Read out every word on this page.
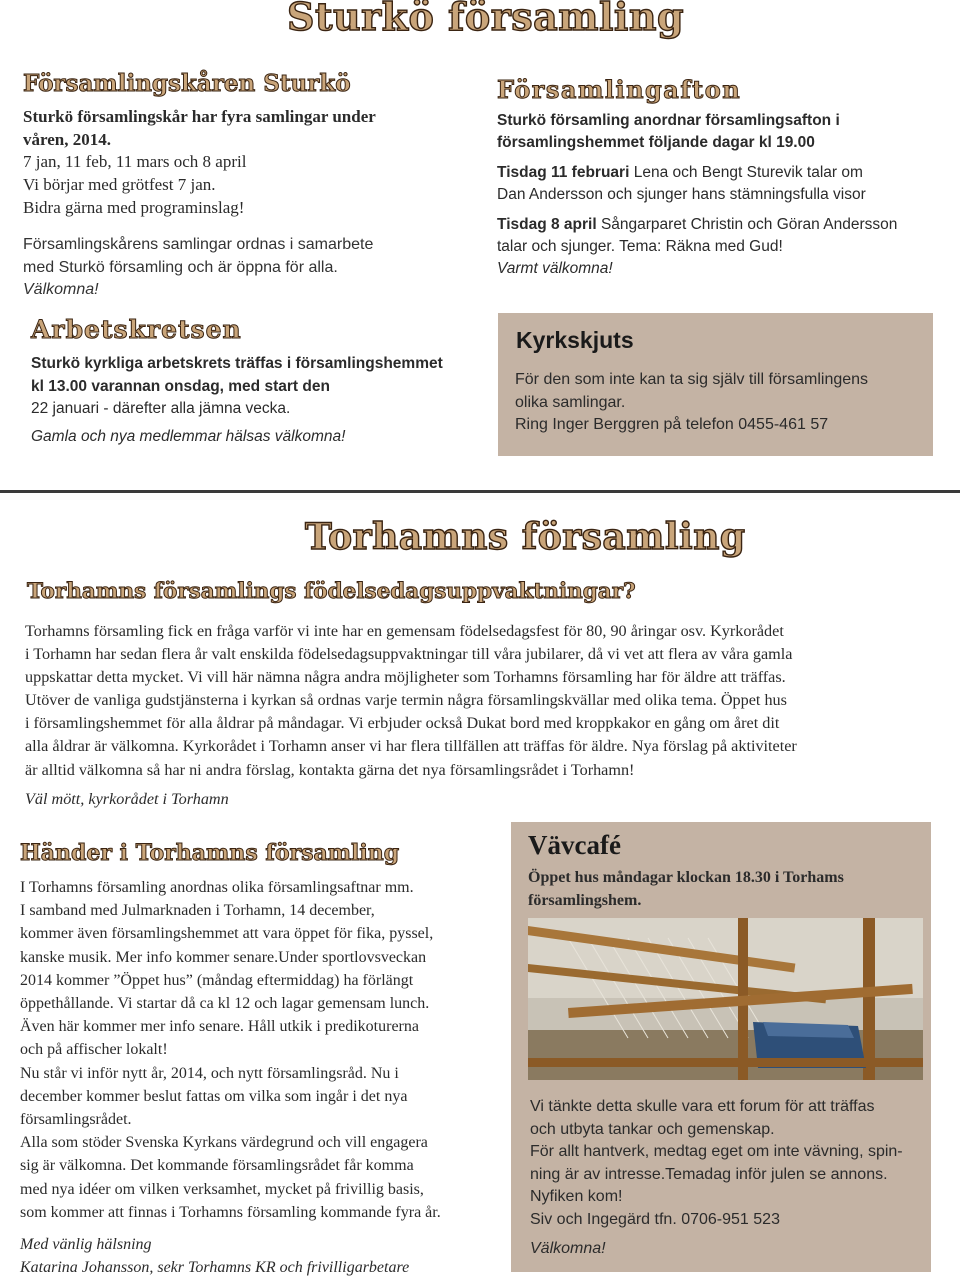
Sturkö församling
Församlingskåren Sturkö

Sturkö församlingskår har fyra samlingar under

våren, 2014.

7 jan, 11 feb, 11 mars och 8 april

Vi börjar med grötfest 7 jan.

Bidra gärna med programinslag!

Församlingskårens samlingar ordnas i samarbete

med Sturkö församling och är öppna för alla.

Välkomna!

Arbetskretsen

Sturkö kyrkliga arbetskrets träffas i församlingshemmet

kl 13.00 varannan onsdag, med start den

22 januari - därefter alla jämna vecka.

Gamla och nya medlemmar hälsas välkomna!

Församlingafton

Sturkö församling anordnar församlingsafton i

församlingshemmet följande dagar kl 19.00

Tisdag 11 februari Lena och Bengt Sturevik talar om

Dan Andersson och sjunger hans stämningsfulla visor

Tisdag 8 april Sångarparet Christin och Göran Andersson

talar och sjunger. Tema: Räkna med Gud!

Varmt välkomna!

Kyrkskjuts

För den som inte kan ta sig själv till församlingens

olika samlingar.

Ring Inger Berggren på telefon 0455-461 57

Torhamns församling
Torhamns församlings födelsedagsuppvaktningar?

Torhamns församling fick en fråga varför vi inte har en gemensam födelsedagsfest för 80, 90 åringar osv. Kyrkorådet

i Torhamn har sedan flera år valt enskilda födelsedagsuppvaktningar till våra jubilarer, då vi vet att flera av våra gamla

uppskattar detta mycket. Vi vill här nämna några andra möjligheter som Torhamns församling har för äldre att träffas.

Utöver de vanliga gudstjänsterna i kyrkan så ordnas varje termin några församlingskvällar med olika tema. Öppet hus

i församlingshemmet för alla åldrar på måndagar. Vi erbjuder också Dukat bord med kroppkakor en gång om året dit

alla åldrar är välkomna. Kyrkorådet i Torhamn anser vi har flera tillfällen att träffas för äldre. Nya förslag på aktiviteter

är alltid välkomna så har ni andra förslag, kontakta gärna det nya församlingsrådet i Torhamn!

Väl mött, kyrkorådet i Torhamn

Händer i Torhamns församling

I Torhamns församling anordnas olika församlingsaftnar mm.

I samband med Julmarknaden i Torhamn, 14 december,

kommer även församlingshemmet att vara öppet för fika, pyssel,

kanske musik. Mer info kommer senare.Under sportlovsveckan

2014 kommer ”Öppet hus” (måndag eftermiddag) ha förlängt

öppethållande. Vi startar då ca kl 12 och lagar gemensam lunch.

Även här kommer mer info senare. Håll utkik i predikoturerna

och på affischer lokalt!

Nu står vi inför nytt år, 2014, och nytt församlingsråd. Nu i

december kommer beslut fattas om vilka som ingår i det nya

församlingsrådet.

Alla som stöder Svenska Kyrkans värdegrund och vill engagera

sig är välkomna. Det kommande församlingsrådet får komma

med nya idéer om vilken verksamhet, mycket på frivillig basis,

som kommer att finnas i Torhamns församling kommande fyra år.

Med vänlig hälsning

Katarina Johansson, sekr Torhamns KR och frivilligarbetare

Vävcafé

Öppet hus måndagar klockan 18.30 i Torhams

församlingshem.

Vi tänkte detta skulle vara ett forum för att träffas

och utbyta tankar och gemenskap.

För allt hantverk, medtag eget om inte vävning, spin-

ning är av intresse.Temadag inför julen se annons.

Nyfiken kom!

Siv och Ingegärd tfn. 0706-951 523

Välkomna!
